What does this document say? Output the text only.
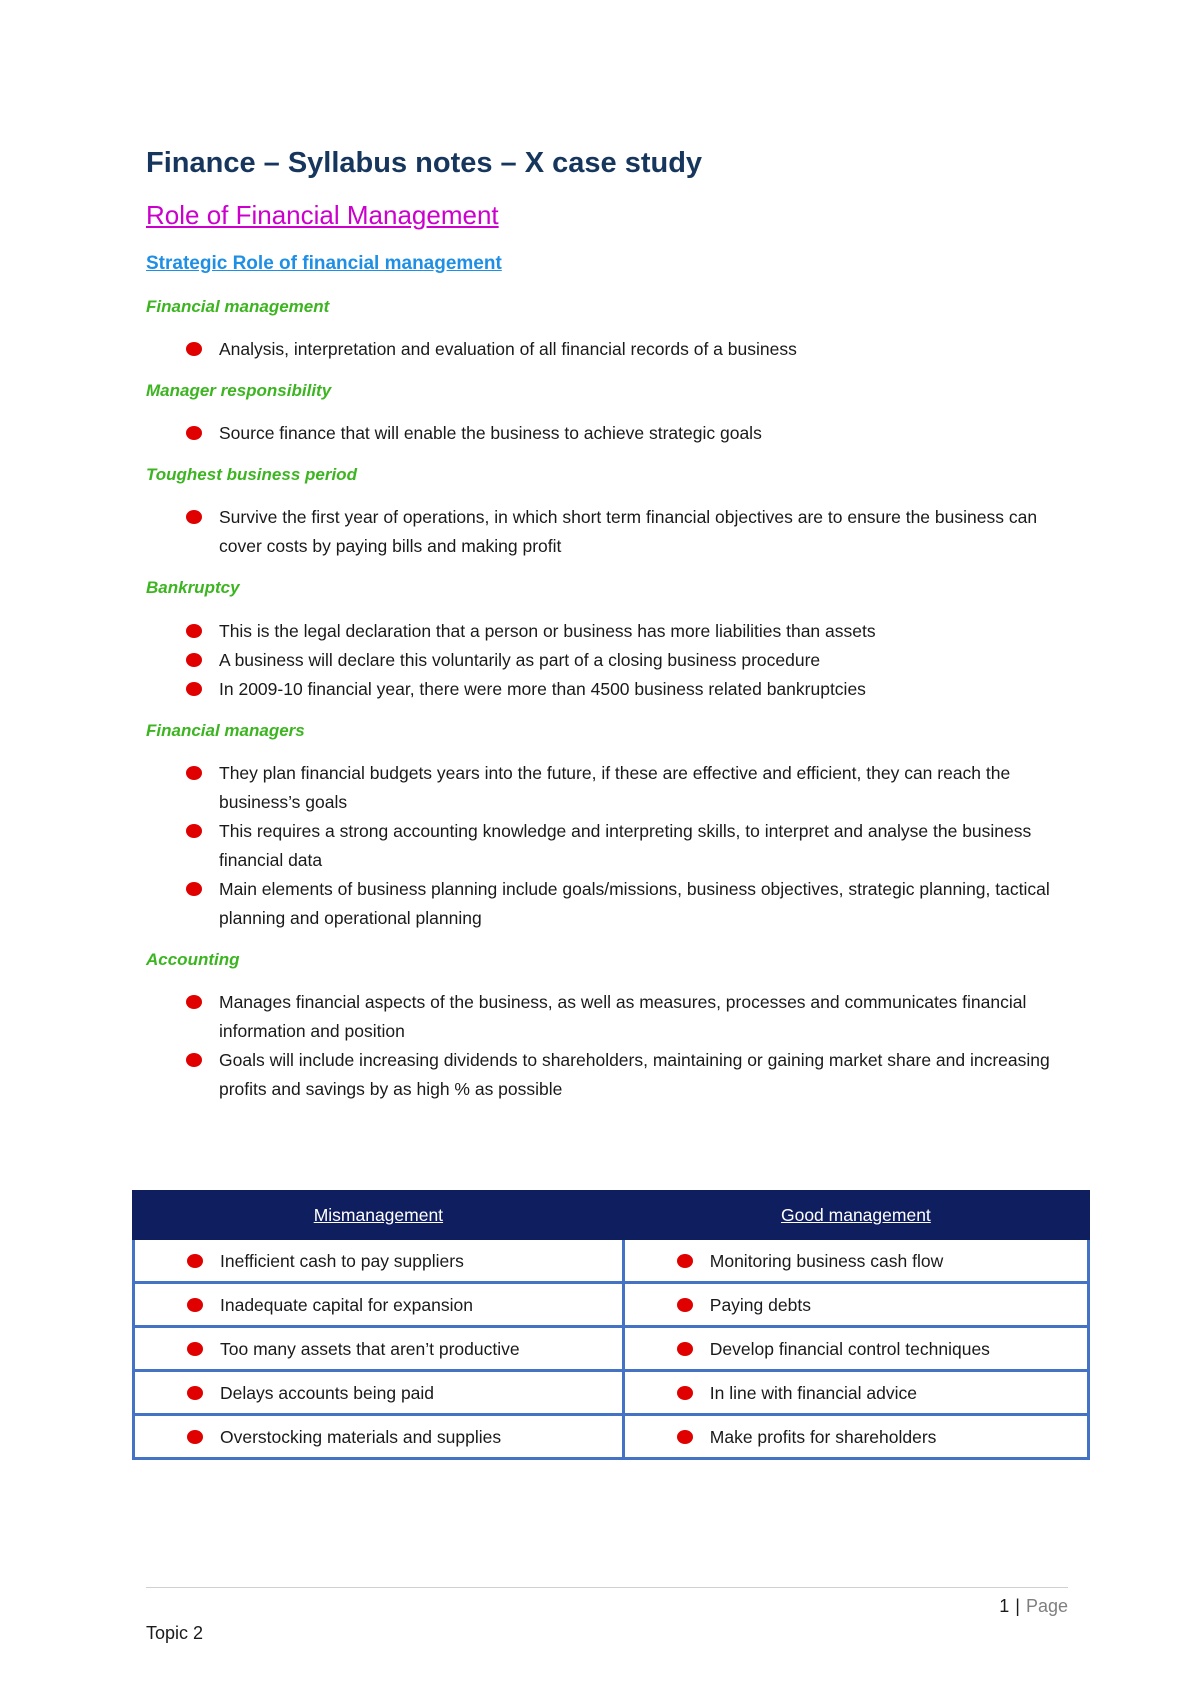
Finance – Syllabus notes – X case study
Role of Financial Management
Strategic Role of financial management
Financial management
Analysis, interpretation and evaluation of all financial records of a business
Manager responsibility
Source finance that will enable the business to achieve strategic goals
Toughest business period
Survive the first year of operations, in which short term financial objectives are to ensure the business can cover costs by paying bills and making profit
Bankruptcy
This is the legal declaration that a person or business has more liabilities than assets
A business will declare this voluntarily as part of a closing business procedure
In 2009-10 financial year, there were more than 4500 business related bankruptcies
Financial managers
They plan financial budgets years into the future, if these are effective and efficient, they can reach the business’s goals
This requires a strong accounting knowledge and interpreting skills, to interpret and analyse the business financial data
Main elements of business planning include goals/missions, business objectives, strategic planning, tactical planning and operational planning
Accounting
Manages financial aspects of the business, as well as measures, processes and communicates financial information and position
Goals will include increasing dividends to shareholders, maintaining or gaining market share and increasing profits and savings by as high % as possible
Mismanagement	Good management

Inefficient cash to pay suppliers	Monitoring business cash flow

Inadequate capital for expansion	Paying debts

Too many assets that aren’t productive	Develop financial control techniques

Delays accounts being paid	In line with financial advice

Overstocking materials and supplies	Make profits for shareholders
1 | Page
Topic 2
